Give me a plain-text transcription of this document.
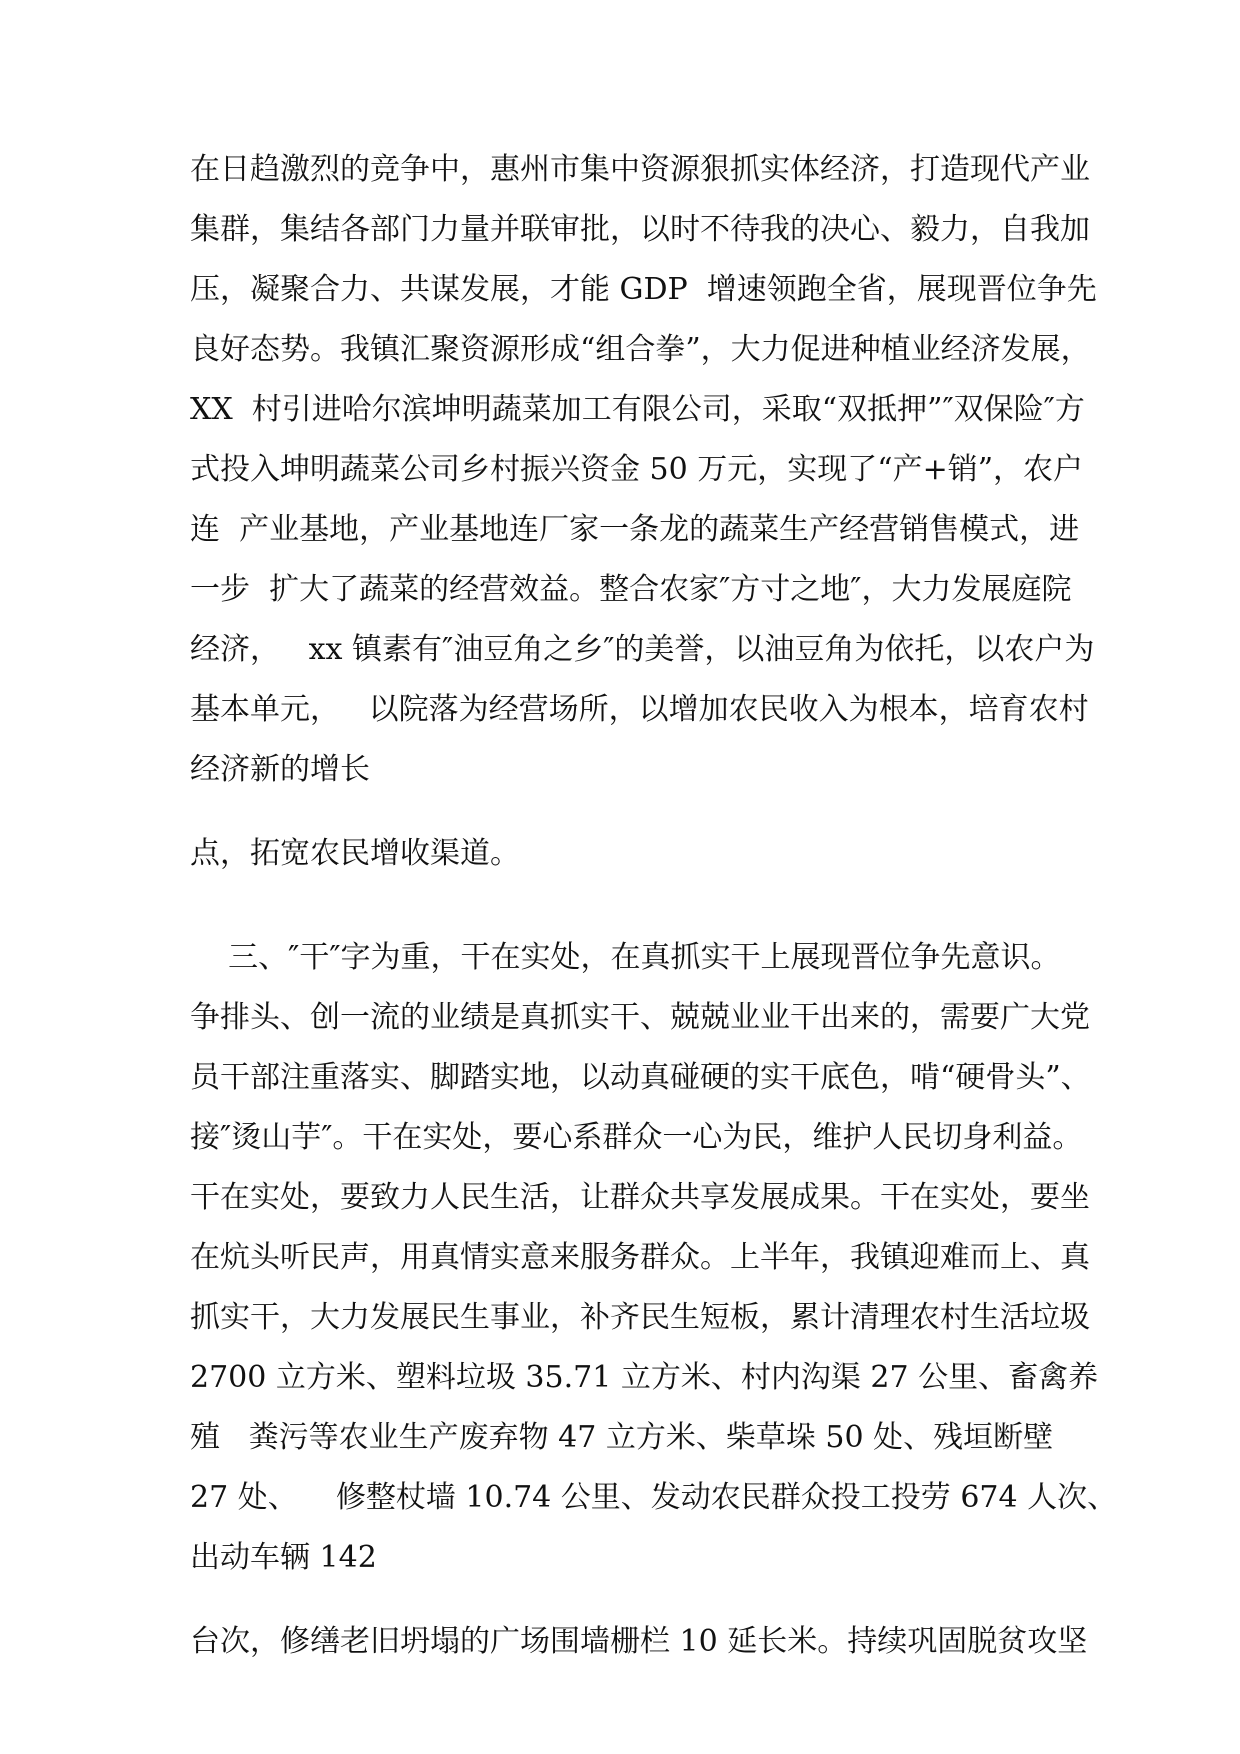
在日趋激烈的竞争中，惠州市集中资源狠抓实体经济，打造现代产业
集群，集结各部门力量并联审批，以时不待我的决心、毅力，自我加
压，凝聚合力、共谋发展，才能 GDP  增速领跑全省，展现晋位争先
良好态势。我镇汇聚资源形成“组合拳”，大力促进种植业经济发展，
XX  村引进哈尔滨坤明蔬菜加工有限公司，采取“双抵押”″双保险″方
式投入坤明蔬菜公司乡村振兴资金 50 万元，实现了“产+销”，农户
连  产业基地，产业基地连厂家一条龙的蔬菜生产经营销售模式，进
一步  扩大了蔬菜的经营效益。整合农家″方寸之地″，大力发展庭院
经济，   xx 镇素有″油豆角之乡″的美誉，以油豆角为依托，以农户为
基本单元，   以院落为经营场所，以增加农民收入为根本，培育农村
经济新的增长
点，拓宽农民增收渠道。
三、″干″字为重，干在实处，在真抓实干上展现晋位争先意识。
争排头、创一流的业绩是真抓实干、兢兢业业干出来的，需要广大党
员干部注重落实、脚踏实地，以动真碰硬的实干底色，啃“硬骨头”、
接″烫山芋″。干在实处，要心系群众一心为民，维护人民切身利益。
干在实处，要致力人民生活，让群众共享发展成果。干在实处，要坐
在炕头听民声，用真情实意来服务群众。上半年，我镇迎难而上、真
抓实干，大力发展民生事业，补齐民生短板，累计清理农村生活垃圾
2700 立方米、塑料垃圾 35.71 立方米、村内沟渠 27 公里、畜禽养
殖   粪污等农业生产废弃物 47 立方米、柴草垛 50 处、残垣断壁
27 处、    修整杖墙 10.74 公里、发动农民群众投工投劳 674 人次、
出动车辆 142
台次，修缮老旧坍塌的广场围墙栅栏 10 延长米。持续巩固脱贫攻坚
